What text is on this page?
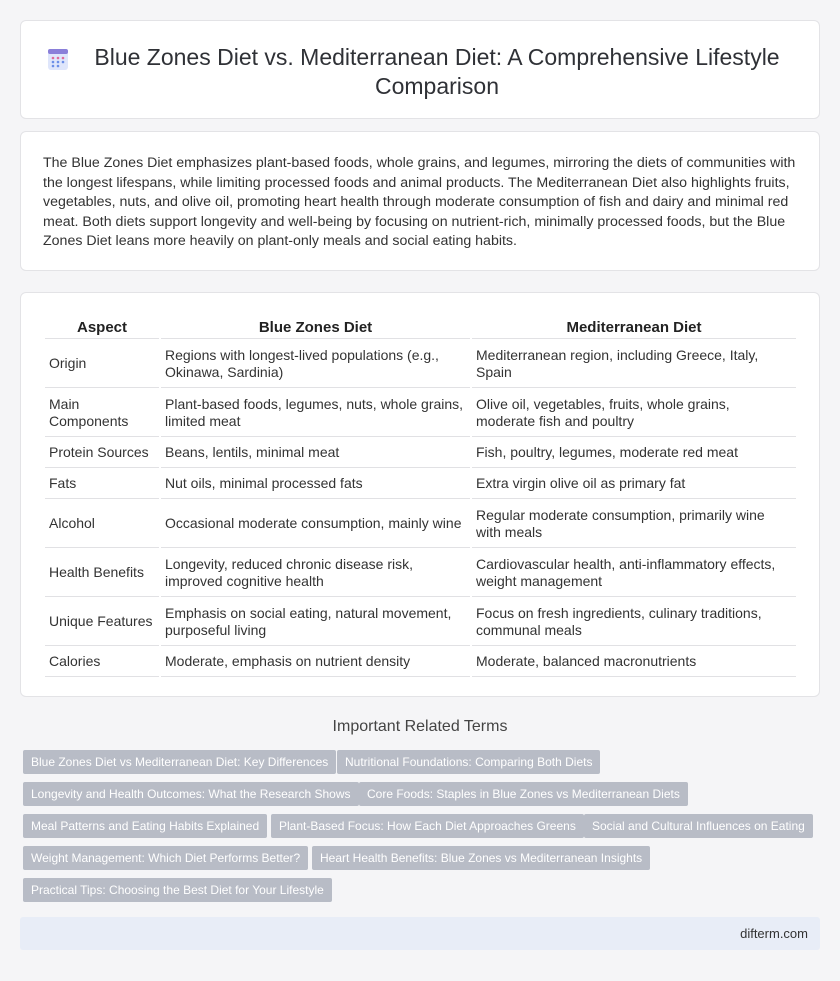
Blue Zones Diet vs. Mediterranean Diet: A Comprehensive Lifestyle Comparison

The Blue Zones Diet emphasizes plant-based foods, whole grains, and legumes, mirroring the diets of communities with the longest lifespans, while limiting processed foods and animal products. The Mediterranean Diet also highlights fruits, vegetables, nuts, and olive oil, promoting heart health through moderate consumption of fish and dairy and minimal red meat. Both diets support longevity and well-being by focusing on nutrient-rich, minimally processed foods, but the Blue Zones Diet leans more heavily on plant-only meals and social eating habits.

Aspect	Blue Zones Diet	Mediterranean Diet
Origin	Regions with longest-lived populations (e.g., Okinawa, Sardinia)	Mediterranean region, including Greece, Italy, Spain
Main Components	Plant-based foods, legumes, nuts, whole grains, limited meat	Olive oil, vegetables, fruits, whole grains, moderate fish and poultry
Protein Sources	Beans, lentils, minimal meat	Fish, poultry, legumes, moderate red meat
Fats	Nut oils, minimal processed fats	Extra virgin olive oil as primary fat
Alcohol	Occasional moderate consumption, mainly wine	Regular moderate consumption, primarily wine with meals
Health Benefits	Longevity, reduced chronic disease risk, improved cognitive health	Cardiovascular health, anti-inflammatory effects, weight management
Unique Features	Emphasis on social eating, natural movement, purposeful living	Focus on fresh ingredients, culinary traditions, communal meals
Calories	Moderate, emphasis on nutrient density	Moderate, balanced macronutrients
Important Related Terms
Blue Zones Diet vs Mediterranean Diet: Key Differences	Nutritional Foundations: Comparing Both Diets
Longevity and Health Outcomes: What the Research Shows	Core Foods: Staples in Blue Zones vs Mediterranean Diets
Meal Patterns and Eating Habits Explained	Plant-Based Focus: How Each Diet Approaches Greens	Social and Cultural Influences on Eating
Weight Management: Which Diet Performs Better?	Heart Health Benefits: Blue Zones vs Mediterranean Insights
Practical Tips: Choosing the Best Diet for Your Lifestyle
difterm.com
